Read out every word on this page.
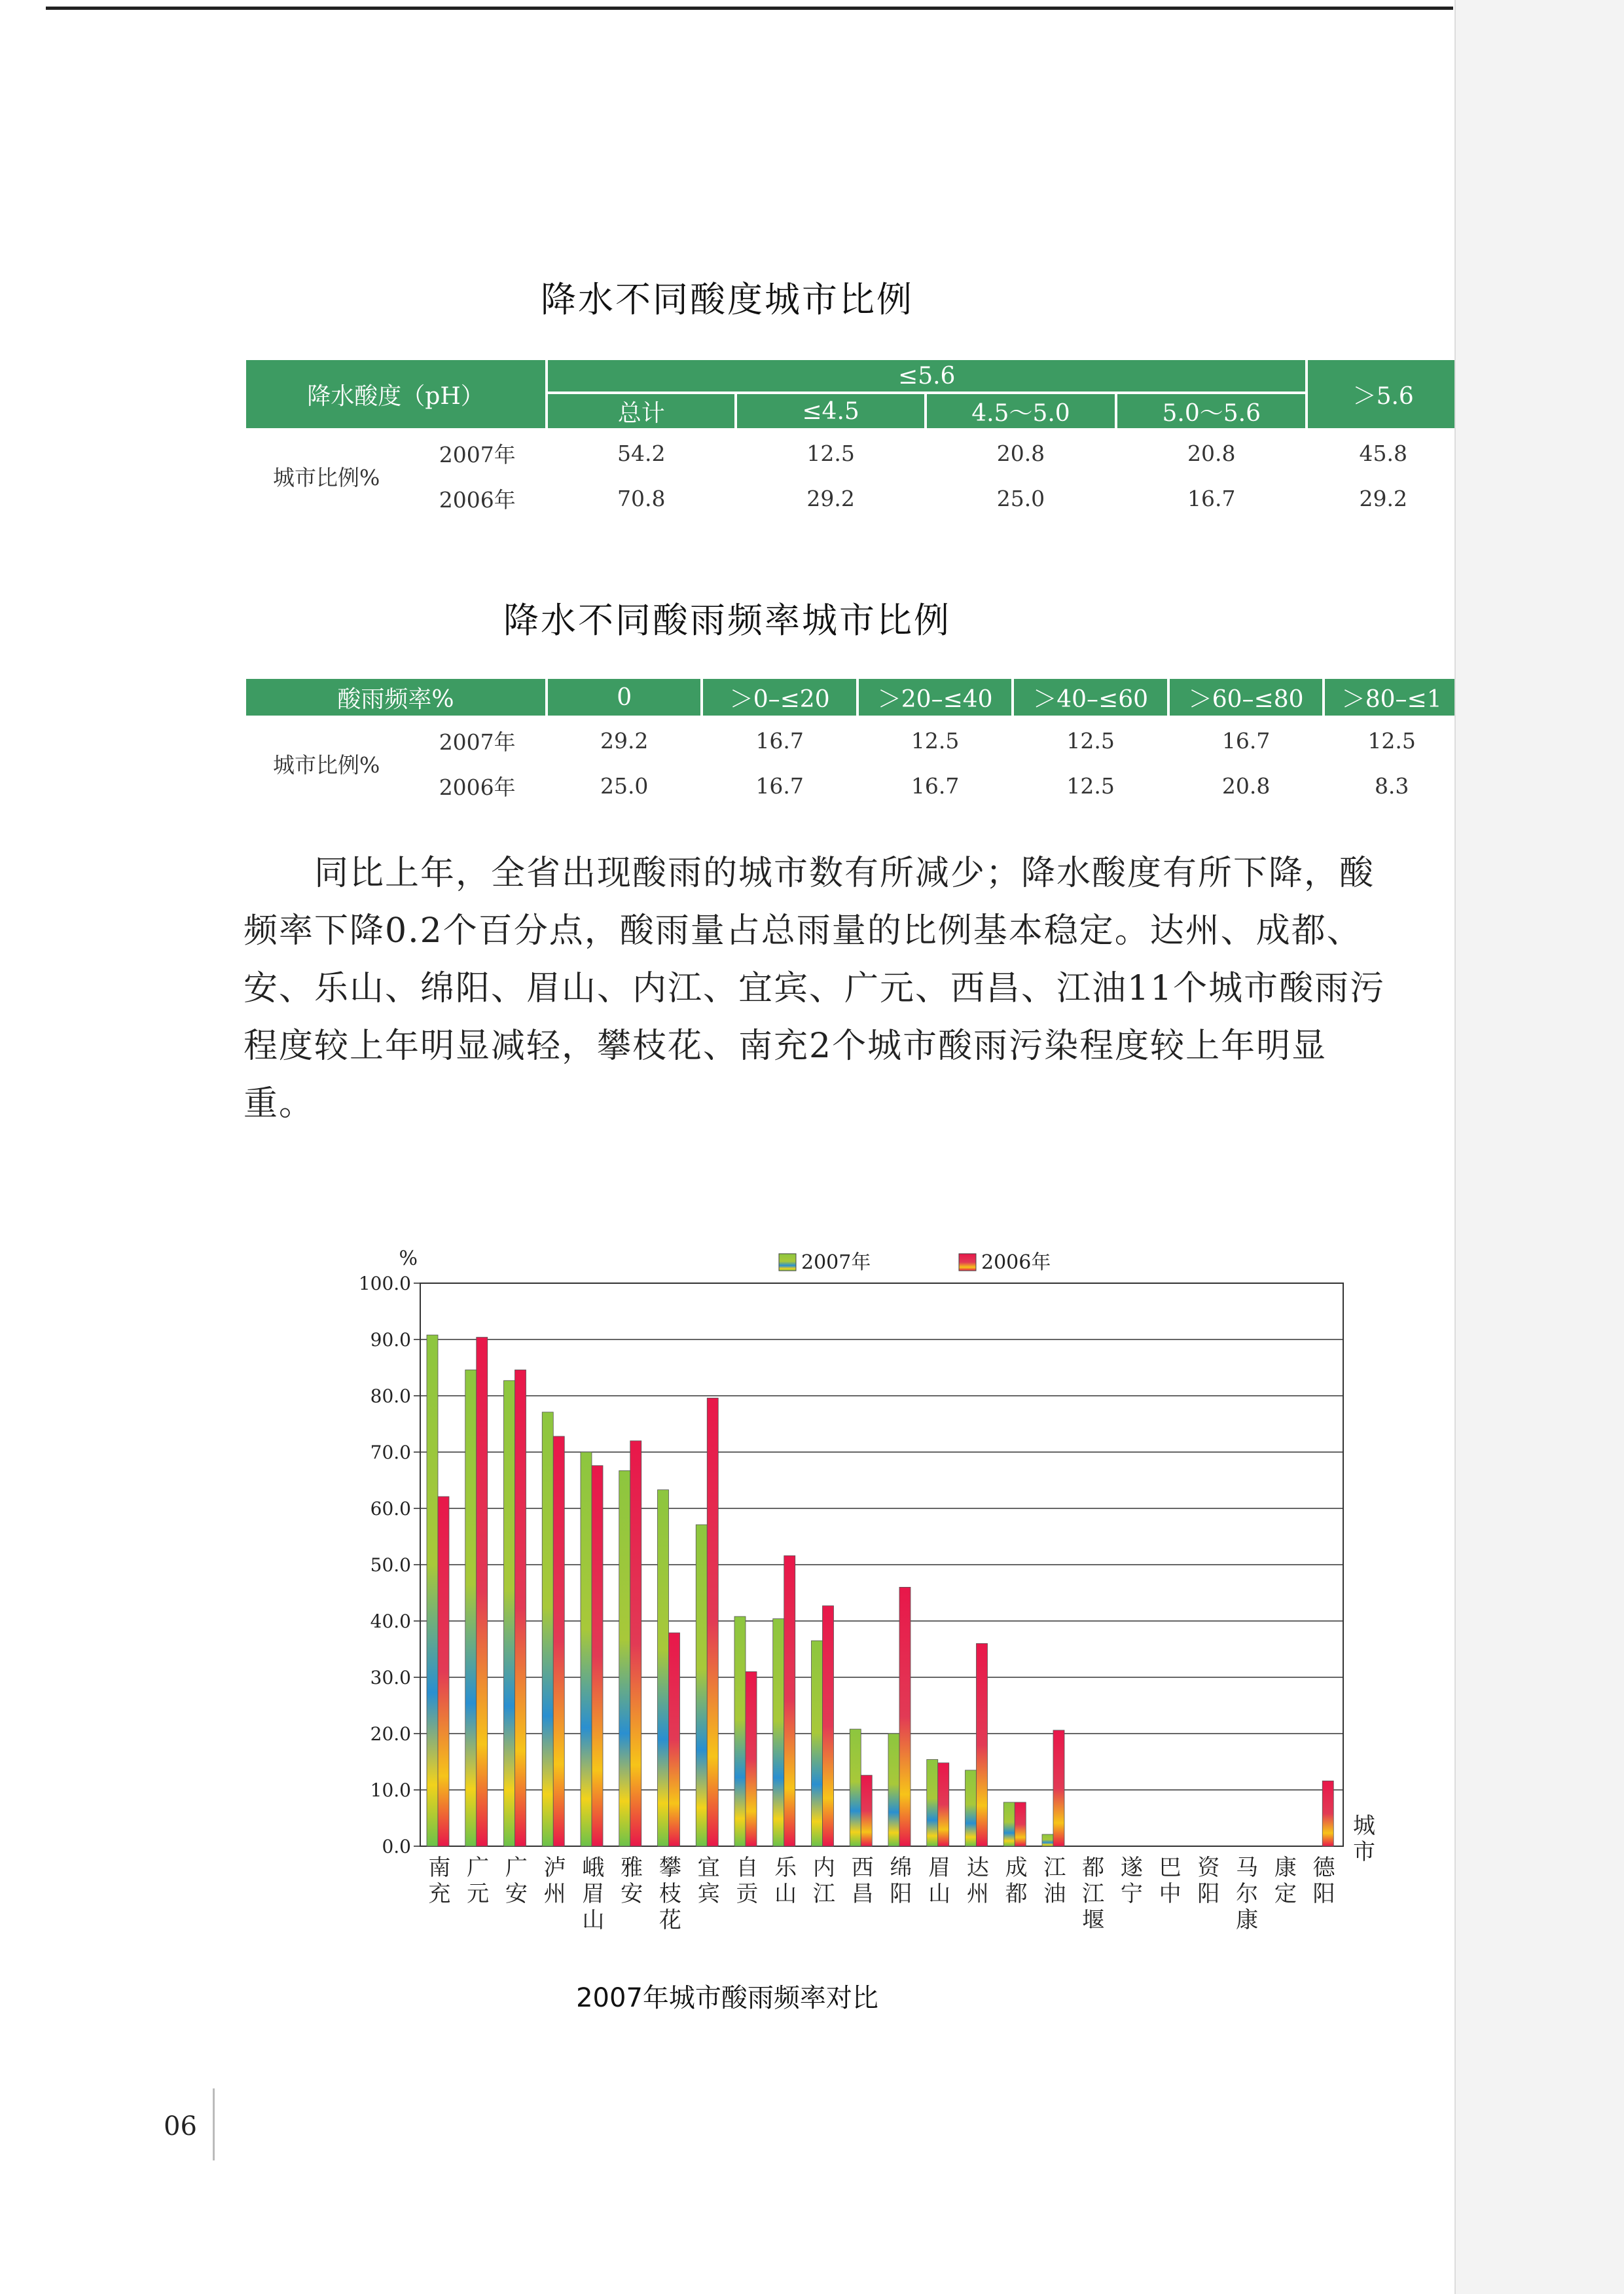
降水不同酸度城市比例
降水酸度（pH）		≤5.6				＞5.6
		总计	≤4.5	4.5～5.0	5.0～5.6	
城市比例%	2007年	54.2	12.5	20.8	20.8	45.8
	2006年	70.8	29.2	25.0	16.7	29.2
降水不同酸雨频率城市比例
酸雨频率%		0	＞0–≤20	＞20–≤40	＞40–≤60	＞60–≤80	＞80–≤1
城市比例%	2007年	29.2	16.7	12.5	12.5	16.7	12.5
	2006年	25.0	16.7	16.7	12.5	20.8	8.3
　　同比上年，全省出现酸雨的城市数有所减少；降水酸度有所下降，酸
频率下降0.2个百分点，酸雨量占总雨量的比例基本稳定。达州、成都、
安、乐山、绵阳、眉山、内江、宜宾、广元、西昌、江油11个城市酸雨污
程度较上年明显减轻，攀枝花、南充2个城市酸雨污染程度较上年明显
重。
0.0
10.0
20.0
30.0
40.0
50.0
60.0
70.0
80.0
90.0
100.0
%
城
市
2007年	2006年
南
充
广
元
广
安
泸
州
峨
眉
山
雅
安
攀
枝
花
宜
宾
自
贡
乐
山
内
江
西
昌
绵
阳
眉
山
达
州
成
都
江
油
都
江
堰
遂
宁
巴
中
资
阳
马
尔
康
康
定
德
阳
2007年城市酸雨频率对比
06
